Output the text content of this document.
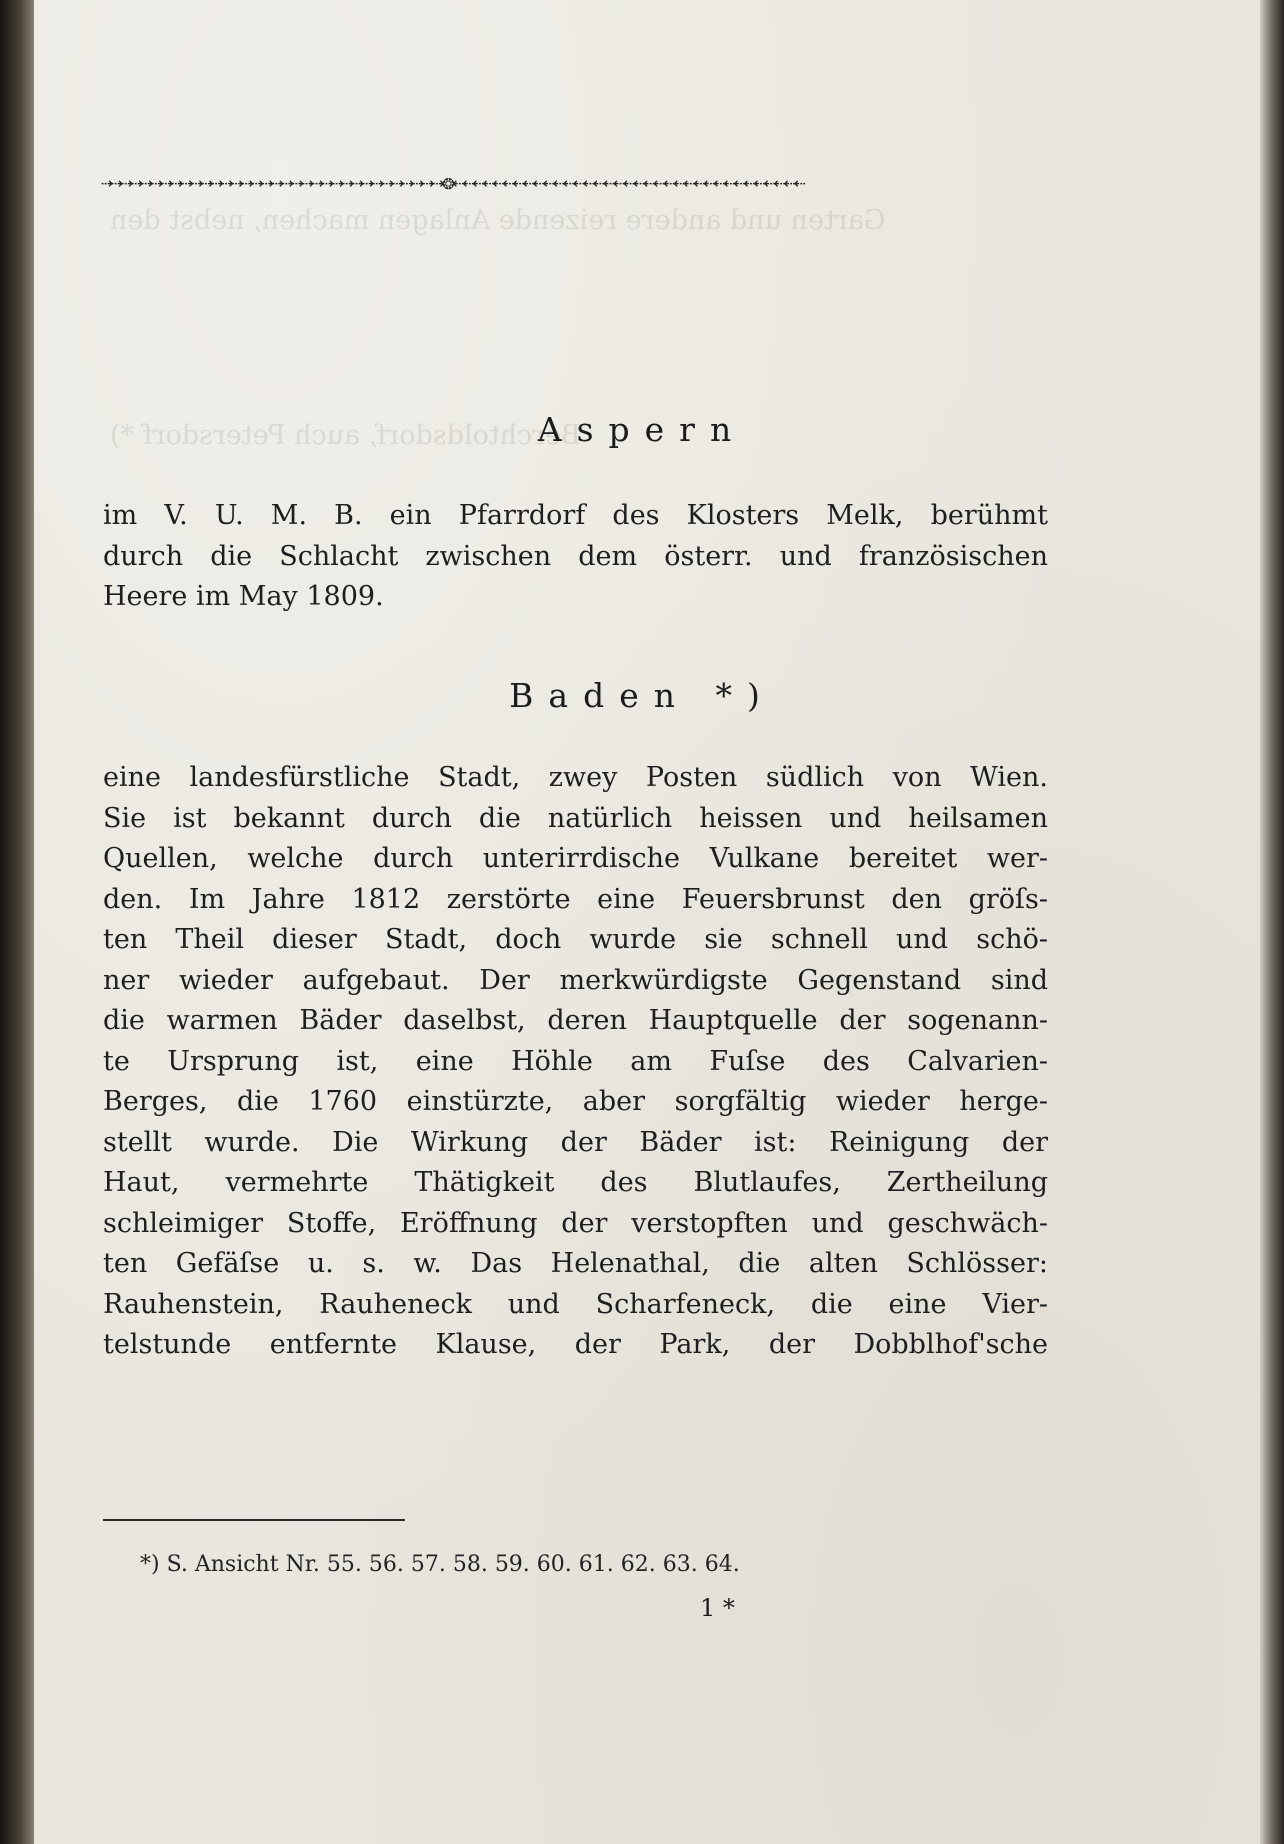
Garten und andere reizende Anlagen machen, nebst den
Berchtoldsdorf, auch Petersdorf *)
⇢⇢⇢⇢⇢⇢⇢⇢⇢⇢⇢⇢⇢⇢⇢⇢⇢⇢⇢⇢⇢⇢⇢⇢⇢⇢⇢⇢⇢⇢⇢⇢⇢⇢❂⇠⇠⇠⇠⇠⇠⇠⇠⇠⇠⇠⇠⇠⇠⇠⇠⇠⇠⇠⇠⇠⇠⇠⇠⇠⇠⇠⇠⇠⇠⇠⇠⇠⇠⇠
Aspern
im V. U. M. B. ein Pfarrdorf des Klosters Melk, berühmt
durch die Schlacht zwischen dem österr. und französischen
Heere im May 1809.
Baden *)
eine landesfürstliche Stadt, zwey Posten südlich von Wien.
Sie ist bekannt durch die natürlich heissen und heilsamen
Quellen, welche durch unterirrdische Vulkane bereitet wer-
den. Im Jahre 1812 zerstörte eine Feuersbrunst den gröſs-
ten Theil dieser Stadt, doch wurde sie schnell und schö-
ner wieder aufgebaut. Der merkwürdigste Gegenstand sind
die warmen Bäder daselbst, deren Hauptquelle der sogenann-
te Ursprung ist, eine Höhle am Fuſse des Calvarien-
Berges, die 1760 einstürzte, aber sorgfältig wieder herge-
stellt wurde. Die Wirkung der Bäder ist: Reinigung der
Haut, vermehrte Thätigkeit des Blutlaufes, Zertheilung
schleimiger Stoffe, Eröffnung der verstopften und geschwäch-
ten Gefäſse u. s. w. Das Helenathal, die alten Schlösser:
Rauhenstein, Rauheneck und Scharfeneck, die eine Vier-
telstunde entfernte Klause, der Park, der Dobblhof'sche
*) S. Ansicht Nr. 55. 56. 57. 58. 59. 60. 61. 62. 63. 64.
1 *
